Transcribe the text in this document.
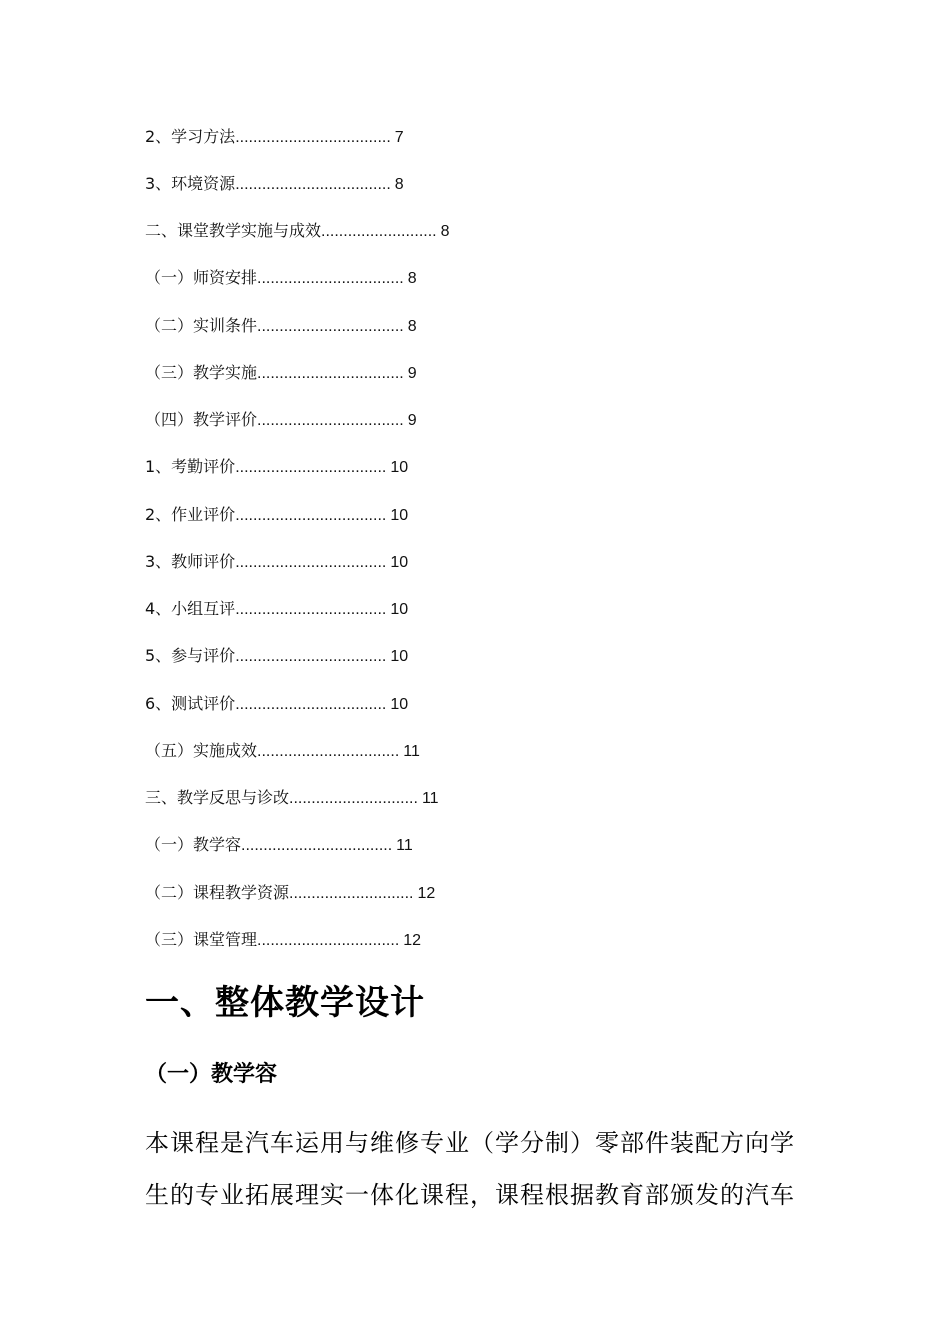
2、学习方法................................... 7
3、环境资源................................... 8
二、课堂教学实施与成效.......................... 8
（一）师资安排................................. 8
（二）实训条件................................. 8
（三）教学实施................................. 9
（四）教学评价................................. 9
1、考勤评价.................................. 10
2、作业评价.................................. 10
3、教师评价.................................. 10
4、小组互评.................................. 10
5、参与评价.................................. 10
6、测试评价.................................. 10
（五）实施成效................................ 11
三、教学反思与诊改............................. 11
（一）教学容.................................. 11
（二）课程教学资源............................ 12
（三）课堂管理................................ 12
一、整体教学设计
（一）教学容
本课程是汽车运用与维修专业（学分制）零部件装配方向学
生的专业拓展理实一体化课程，课程根据教育部颁发的汽车
